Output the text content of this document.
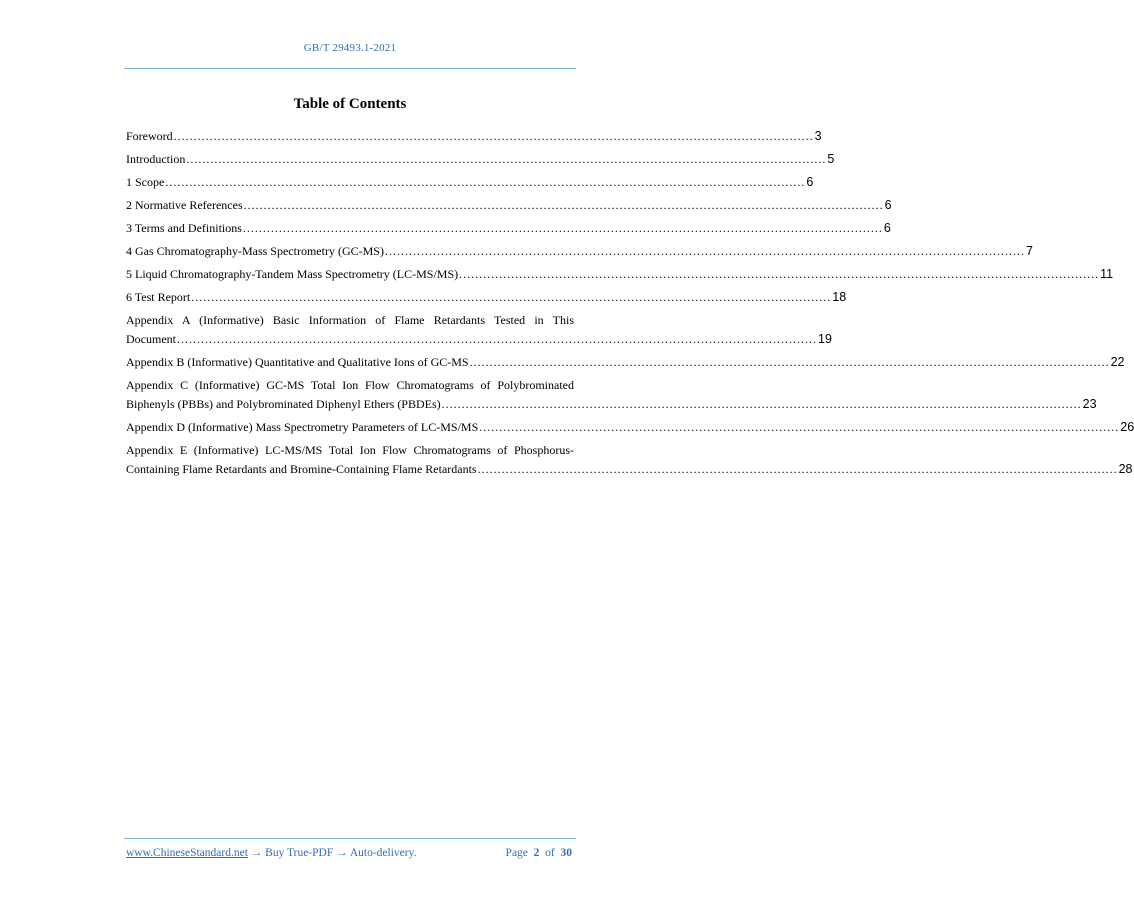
GB/T 29493.1-2021
Table of Contents
Foreword ................................................................................................................................................................ 3
Introduction ................................................................................................................................................................ 5
1 Scope ................................................................................................................................................................ 6
2 Normative References ................................................................................................................................................................ 6
3 Terms and Definitions ................................................................................................................................................................ 6
4 Gas Chromatography-Mass Spectrometry (GC-MS) ................................................................................................................................................................ 7
5 Liquid Chromatography-Tandem Mass Spectrometry (LC-MS/MS) ................................................................................................................................................................ 11
6 Test Report ................................................................................................................................................................ 18
Appendix A (Informative) Basic Information of Flame Retardants Tested in This
Document ................................................................................................................................................................ 19
Appendix B (Informative) Quantitative and Qualitative Ions of GC-MS ................................................................................................................................................................ 22
Appendix C (Informative) GC-MS Total Ion Flow Chromatograms of Polybrominated
Biphenyls (PBBs) and Polybrominated Diphenyl Ethers (PBDEs) ................................................................................................................................................................ 23
Appendix D (Informative) Mass Spectrometry Parameters of LC-MS/MS ................................................................................................................................................................ 26
Appendix E (Informative) LC-MS/MS Total Ion Flow Chromatograms of Phosphorus-
Containing Flame Retardants and Bromine-Containing Flame Retardants ................................................................................................................................................................ 28
www.ChineseStandard.net → Buy True-PDF → Auto-delivery.	Page 2 of 30
